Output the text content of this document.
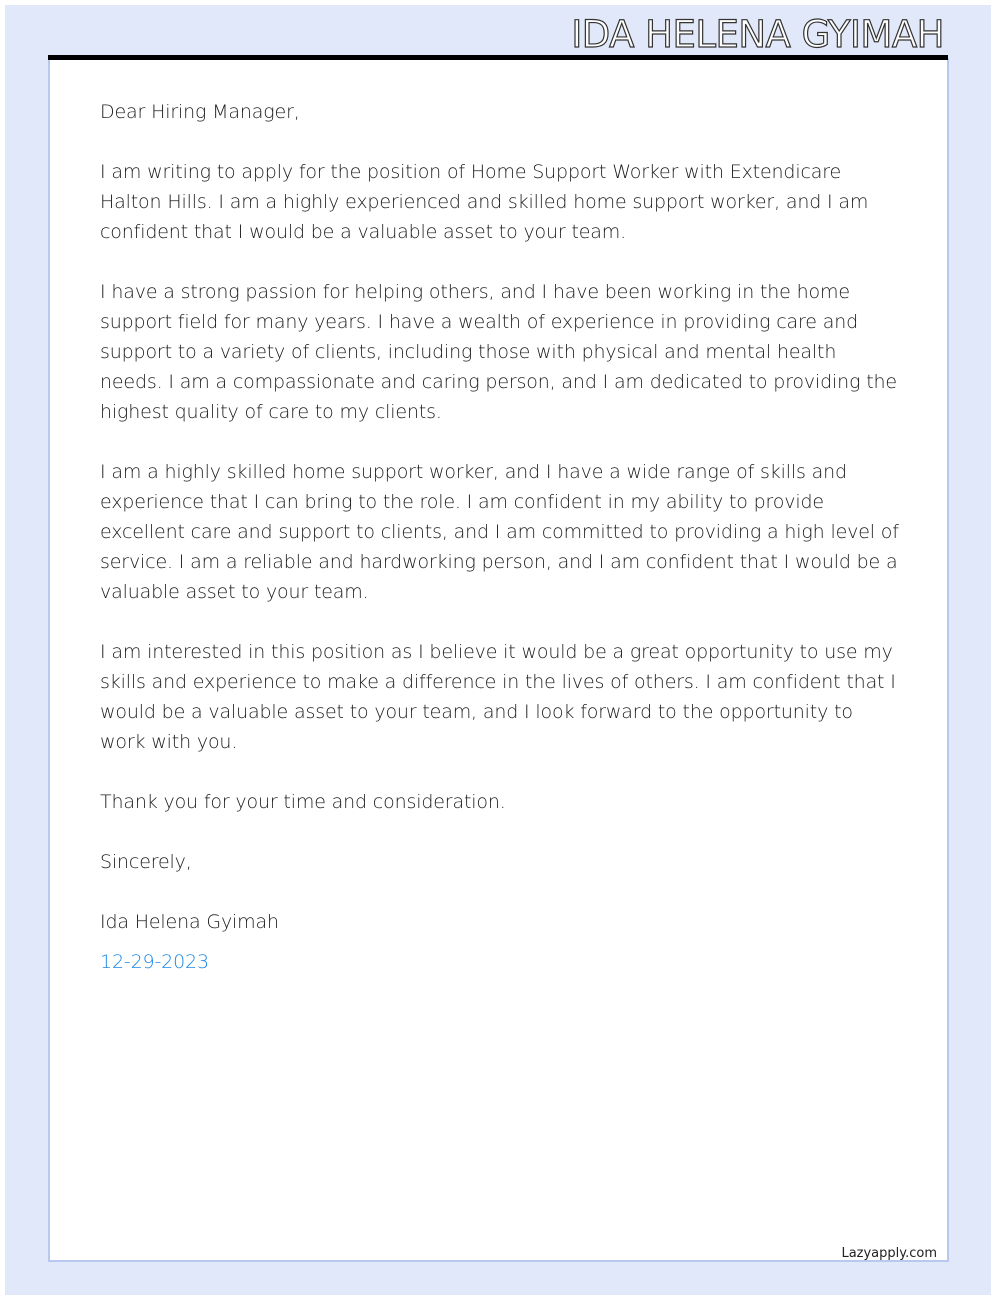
IDA HELENA GYIMAH

Dear Hiring Manager,

I am writing to apply for the position of Home Support Worker with Extendicare Halton Hills. I am a highly experienced and skilled home support worker, and I am confident that I would be a valuable asset to your team.

I have a strong passion for helping others, and I have been working in the home support field for many years. I have a wealth of experience in providing care and support to a variety of clients, including those with physical and mental health needs. I am a compassionate and caring person, and I am dedicated to providing the highest quality of care to my clients.

I am a highly skilled home support worker, and I have a wide range of skills and experience that I can bring to the role. I am confident in my ability to provide excellent care and support to clients, and I am committed to providing a high level of service. I am a reliable and hardworking person, and I am confident that I would be a valuable asset to your team.

I am interested in this position as I believe it would be a great opportunity to use my skills and experience to make a difference in the lives of others. I am confident that I would be a valuable asset to your team, and I look forward to the opportunity to work with you.

Thank you for your time and consideration.

Sincerely,

Ida Helena Gyimah

12-29-2023

Lazyapply.com
